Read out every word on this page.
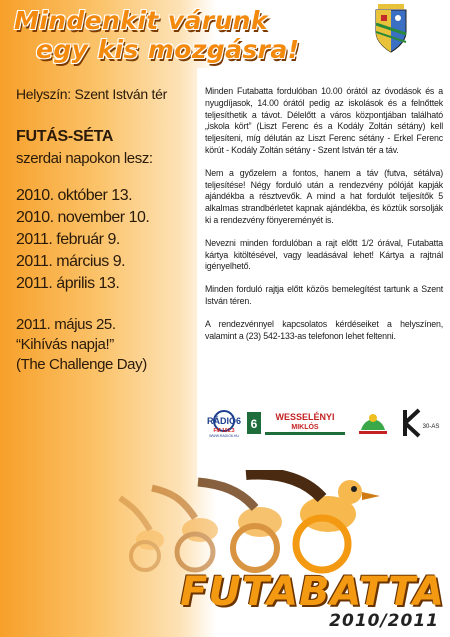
Mindenkit várunk
egy kis mozgásra!
Helyszín: Szent István tér
FUTÁS-SÉTA
szerdai napokon lesz:
2010. október 13.
2010. november 10.
2011. február 9.
2011. március 9.
2011. április 13.
2011. május 25.
“Kihívás napja!”
(The Challenge Day)

Minden Futabatta fordulóban 10.00 órától az óvodások és a nyugdíjasok, 14.00 órától pedig az iskolások és a felnőttek teljesíthetik a távot. Délelőtt a város központjában található „iskola kört” (Liszt Ferenc és a Kodály Zoltán sétány) kell teljesíteni, míg délután az Liszt Ferenc sétány - Erkel Ferenc körút - Kodály Zoltán sétány - Szent István tér a táv.

Nem a győzelem a fontos, hanem a táv (futva, sétálva) teljesítése! Négy forduló után a rendezvény pólóját kapják ajándékba a résztvevők. A mind a hat fordulót teljesítők 5 alkalmas strandbérletet kapnak ajándékba, és köztük sorsolják ki a rendezvény fönyereményét is.

Nevezni minden fordulóban a rajt előtt 1/2 órával, Futabatta kártya kitöltésével, vagy leadásával lehet! Kártya a rajtnál igényelhető.

Minden forduló rajtja előtt közös bemelegítést tartunk a Szent István téren.

A rendezvénnyel kapcsolatos kérdéseiket a helyszínen, valamint a (23) 542-133-as telefonon lehet feltenni.

RÁDIÓ6
FM 101.3
WWW.RADIO6.HU
6 WESSELÉNYI
MIKLÓS	30-AS
FUTABATTA
2010/2011
